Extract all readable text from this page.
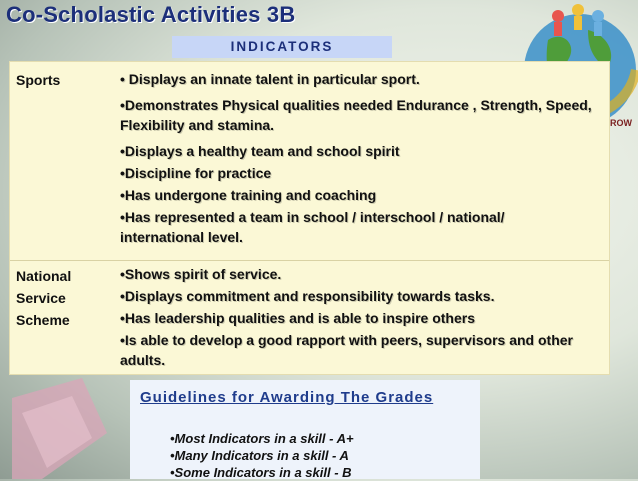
Co-Scholastic Activities 3B
INDICATORS
ROW
Sports	• Displays an innate talent in particular sport.
•Demonstrates Physical qualities needed Endurance , Strength, Speed, Flexibility and stamina.
•Displays a healthy team and school spirit
•Discipline for practice
•Has undergone training and coaching
•Has represented a team in school / interschool / national/ international level.
National
Service
Scheme
•Shows spirit of service.
•Displays commitment and responsibility towards tasks.
•Has leadership qualities and is able to inspire others
•Is able to develop a good rapport with peers, supervisors and other adults.
Guidelines for Awarding The Grades
•Most Indicators in a skill - A+
•Many Indicators in a skill - A
•Some Indicators in a skill - B
